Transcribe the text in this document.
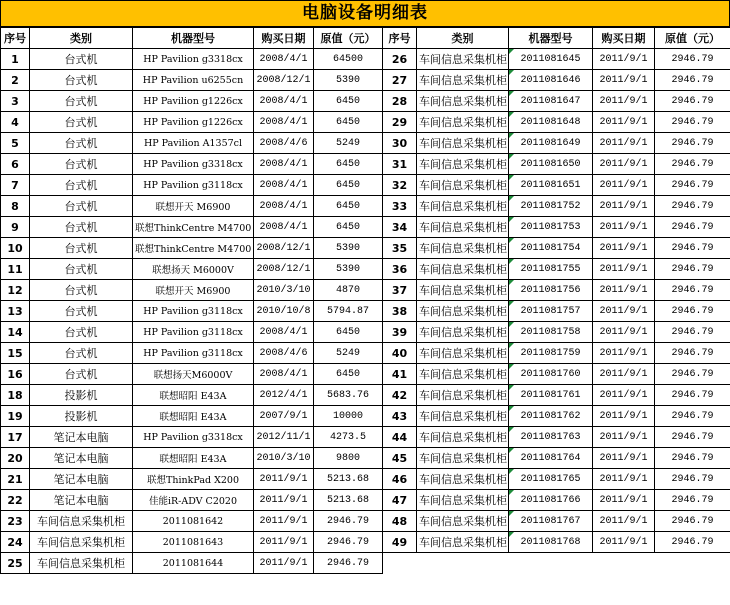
电脑设备明细表
序号	类别	机器型号	购买日期	原值（元）	序号	类别	机器型号	购买日期	原值（元）
1	台式机	HP Pavilion g3318cx	2008/4/1	64500	26	车间信息采集机柜	2011081645	2011/9/1	2946.79
2	台式机	HP Pavilion u6255cn	2008/12/1	5390	27	车间信息采集机柜	2011081646	2011/9/1	2946.79
3	台式机	HP Pavilion g1226cx	2008/4/1	6450	28	车间信息采集机柜	2011081647	2011/9/1	2946.79
4	台式机	HP Pavilion g1226cx	2008/4/1	6450	29	车间信息采集机柜	2011081648	2011/9/1	2946.79
5	台式机	HP Pavilion A1357cl	2008/4/6	5249	30	车间信息采集机柜	2011081649	2011/9/1	2946.79
6	台式机	HP Pavilion g3318cx	2008/4/1	6450	31	车间信息采集机柜	2011081650	2011/9/1	2946.79
7	台式机	HP Pavilion g3118cx	2008/4/1	6450	32	车间信息采集机柜	2011081651	2011/9/1	2946.79
8	台式机	联想开天 M6900	2008/4/1	6450	33	车间信息采集机柜	2011081752	2011/9/1	2946.79
9	台式机	联想ThinkCentre M4700	2008/4/1	6450	34	车间信息采集机柜	2011081753	2011/9/1	2946.79
10	台式机	联想ThinkCentre M4700	2008/12/1	5390	35	车间信息采集机柜	2011081754	2011/9/1	2946.79
11	台式机	联想扬天 M6000V	2008/12/1	5390	36	车间信息采集机柜	2011081755	2011/9/1	2946.79
12	台式机	联想开天 M6900	2010/3/10	4870	37	车间信息采集机柜	2011081756	2011/9/1	2946.79
13	台式机	HP Pavilion g3118cx	2010/10/8	5794.87	38	车间信息采集机柜	2011081757	2011/9/1	2946.79
14	台式机	HP Pavilion g3118cx	2008/4/1	6450	39	车间信息采集机柜	2011081758	2011/9/1	2946.79
15	台式机	HP Pavilion g3118cx	2008/4/6	5249	40	车间信息采集机柜	2011081759	2011/9/1	2946.79
16	台式机	联想扬天M6000V	2008/4/1	6450	41	车间信息采集机柜	2011081760	2011/9/1	2946.79
18	投影机	联想昭阳 E43A	2012/4/1	5683.76	42	车间信息采集机柜	2011081761	2011/9/1	2946.79
19	投影机	联想昭阳 E43A	2007/9/1	10000	43	车间信息采集机柜	2011081762	2011/9/1	2946.79
17	笔记本电脑	HP Pavilion g3318cx	2012/11/1	4273.5	44	车间信息采集机柜	2011081763	2011/9/1	2946.79
20	笔记本电脑	联想昭阳 E43A	2010/3/10	9800	45	车间信息采集机柜	2011081764	2011/9/1	2946.79
21	笔记本电脑	联想ThinkPad X200	2011/9/1	5213.68	46	车间信息采集机柜	2011081765	2011/9/1	2946.79
22	笔记本电脑	佳能iR-ADV C2020	2011/9/1	5213.68	47	车间信息采集机柜	2011081766	2011/9/1	2946.79
23	车间信息采集机柜	2011081642	2011/9/1	2946.79	48	车间信息采集机柜	2011081767	2011/9/1	2946.79
24	车间信息采集机柜	2011081643	2011/9/1	2946.79	49	车间信息采集机柜	2011081768	2011/9/1	2946.79
25	车间信息采集机柜	2011081644	2011/9/1	2946.79					
